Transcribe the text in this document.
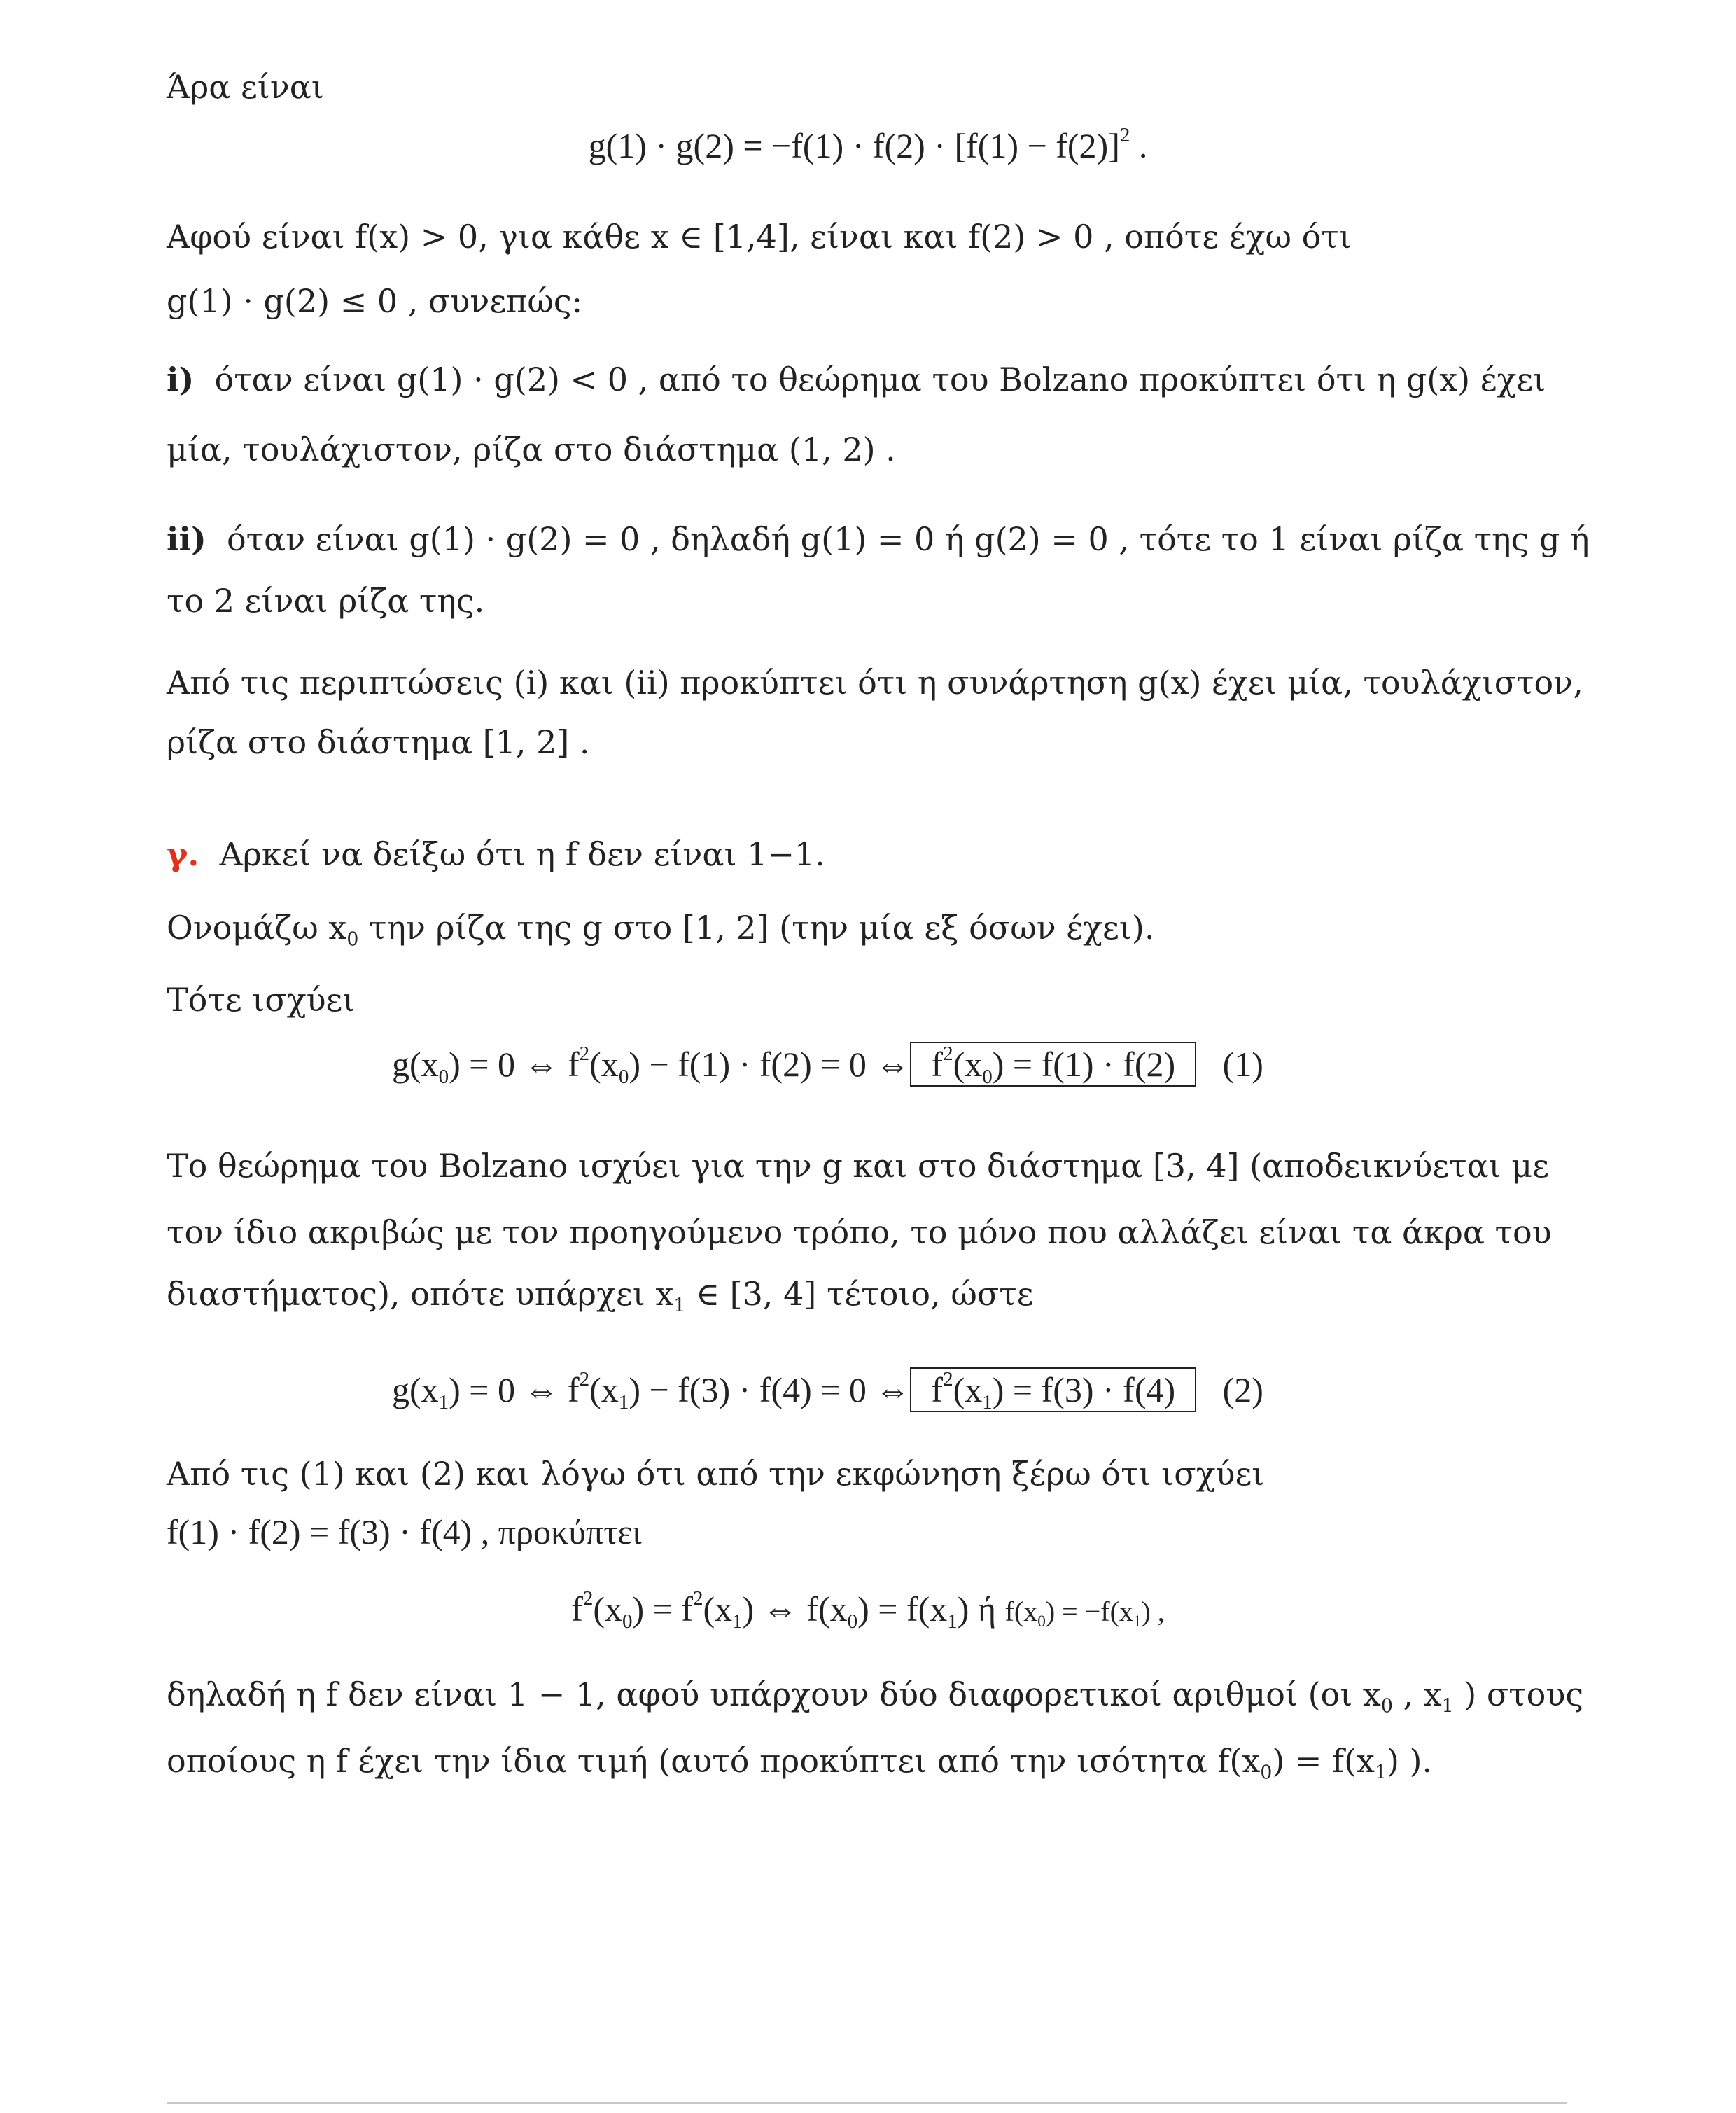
Άρα είναι
$g(1) \cdot g(2) = -f(1) \cdot f(2) \cdot [f(1) - f(2)]^2$ .
Αφού είναι f(x) > 0, για κάθε x ∈ [1,4], είναι και f(2) > 0 , οπότε έχω ότι
g(1) · g(2) ≤ 0 , συνεπώς:
i) όταν είναι g(1) · g(2) < 0 , από το θεώρημα του Bolzano προκύπτει ότι η g(x) έχει
μία, τουλάχιστον, ρίζα στο διάστημα (1, 2) .
ii) όταν είναι g(1) · g(2) = 0 , δηλαδή g(1) = 0 ή g(2) = 0 , τότε το 1 είναι ρίζα της g ή
το 2 είναι ρίζα της.
Από τις περιπτώσεις (i) και (ii) προκύπτει ότι η συνάρτηση g(x) έχει μία, τουλάχιστον,
ρίζα στο διάστημα [1, 2] .
γ. Αρκεί να δείξω ότι η f δεν είναι 1−1.
Ονομάζω $x_0$ την ρίζα της g στο [1, 2] (την μία εξ όσων έχει).
Τότε ισχύει
$g(x_0) = 0$ ⇔ $f^2(x_0) - f(1) \cdot f(2) = 0$ ⇔ $f^2(x_0) = f(1) \cdot f(2)$ (1)
Το θεώρημα του Bolzano ισχύει για την g και στο διάστημα [3, 4] (αποδεικνύεται με
τον ίδιο ακριβώς με τον προηγούμενο τρόπο, το μόνο που αλλάζει είναι τα άκρα του
διαστήματος), οπότε υπάρχει $x_1$ ∈ [3, 4] τέτοιο, ώστε
$g(x_1) = 0$ ⇔ $f^2(x_1) - f(3) \cdot f(4) = 0$ ⇔ $f^2(x_1) = f(3) \cdot f(4)$ (2)
Από τις (1) και (2) και λόγω ότι από την εκφώνηση ξέρω ότι ισχύει
f(1) · f(2) = f(3) · f(4) , προκύπτει
$f^2(x_0) = f^2(x_1)$ ⇔ $f(x_0) = f(x_1)$ ή $f(x_0) = -f(x_1)$ ,
δηλαδή η f δεν είναι 1 − 1, αφού υπάρχουν δύο διαφορετικοί αριθμοί (οι $x_0$ , $x_1$ ) στους
οποίους η f έχει την ίδια τιμή (αυτό προκύπτει από την ισότητα $f(x_0) = f(x_1)$ ).
